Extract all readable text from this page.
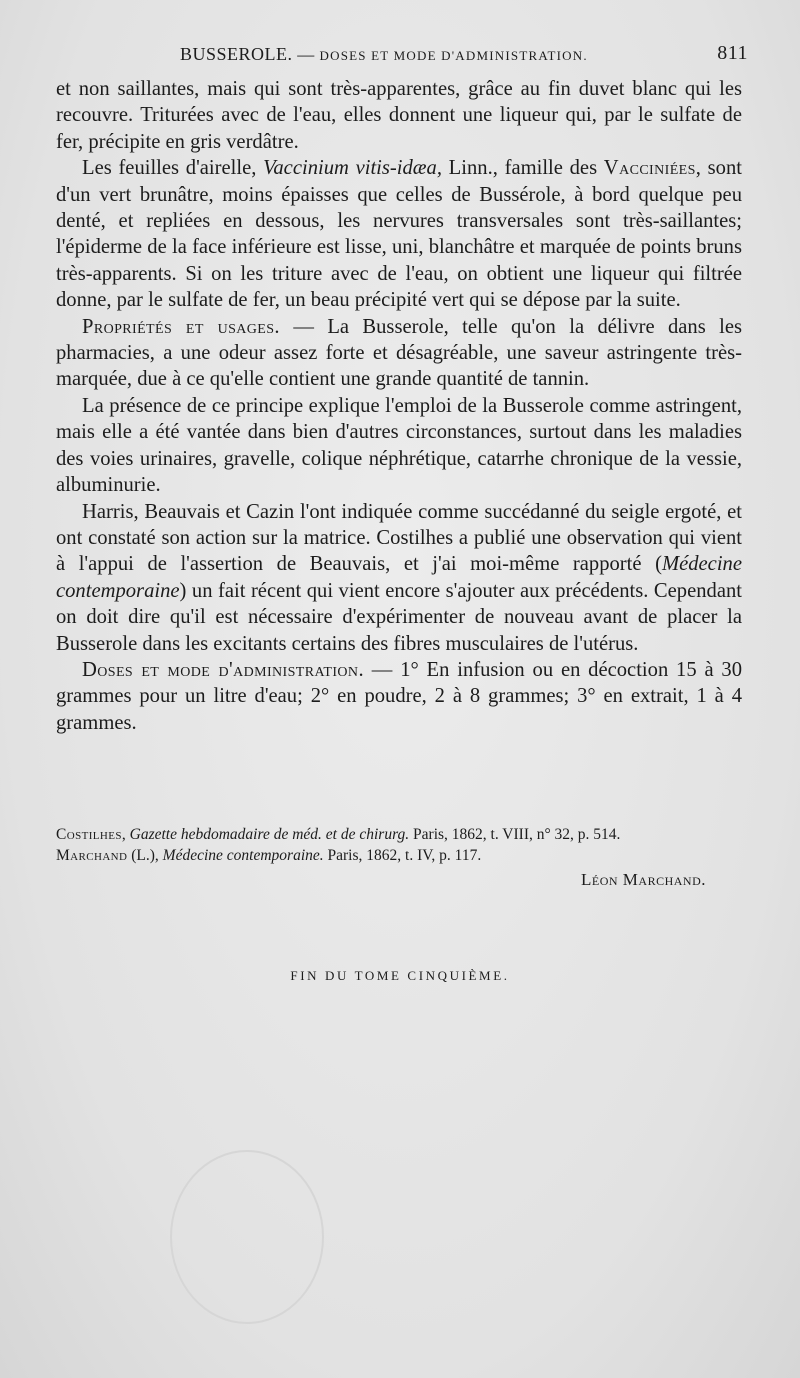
BUSSEROLE. — DOSES ET MODE D'ADMINISTRATION.	811

et non saillantes, mais qui sont très-apparentes, grâce au fin duvet blanc qui les recouvre. Triturées avec de l'eau, elles donnent une liqueur qui, par le sulfate de fer, précipite en gris verdâtre.

Les feuilles d'airelle, Vaccinium vitis-idæa, Linn., famille des Vacciniées, sont d'un vert brunâtre, moins épaisses que celles de Bussérole, à bord quelque peu denté, et repliées en dessous, les nervures transversales sont très-saillantes; l'épiderme de la face inférieure est lisse, uni, blanchâtre et marquée de points bruns très-apparents. Si on les triture avec de l'eau, on obtient une liqueur qui filtrée donne, par le sulfate de fer, un beau précipité vert qui se dépose par la suite.

Propriétés et usages. — La Busserole, telle qu'on la délivre dans les pharmacies, a une odeur assez forte et désagréable, une saveur astringente très-marquée, due à ce qu'elle contient une grande quantité de tannin.

La présence de ce principe explique l'emploi de la Busserole comme astringent, mais elle a été vantée dans bien d'autres circonstances, surtout dans les maladies des voies urinaires, gravelle, colique néphrétique, catarrhe chronique de la vessie, albuminurie.

Harris, Beauvais et Cazin l'ont indiquée comme succédanné du seigle ergoté, et ont constaté son action sur la matrice. Costilhes a publié une observation qui vient à l'appui de l'assertion de Beauvais, et j'ai moi-même rapporté (Médecine contemporaine) un fait récent qui vient encore s'ajouter aux précédents. Cependant on doit dire qu'il est nécessaire d'expérimenter de nouveau avant de placer la Busserole dans les excitants certains des fibres musculaires de l'utérus.

Doses et mode d'administration. — 1° En infusion ou en décoction 15 à 30 grammes pour un litre d'eau; 2° en poudre, 2 à 8 grammes; 3° en extrait, 1 à 4 grammes.

Costilhes, Gazette hebdomadaire de méd. et de chirurg. Paris, 1862, t. VIII, n° 32, p. 514.

Marchand (L.), Médecine contemporaine. Paris, 1862, t. IV, p. 117.

Léon Marchand.
FIN DU TOME CINQUIÈME.
